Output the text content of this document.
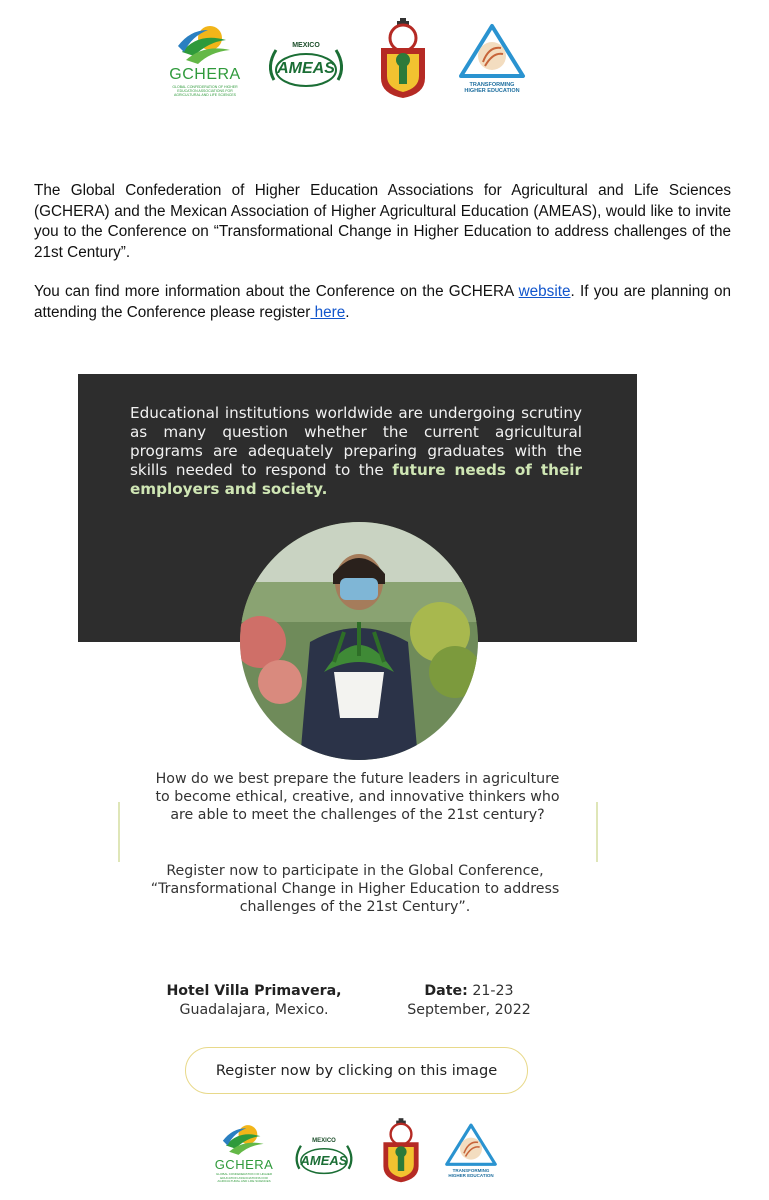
GCHERA
GLOBAL CONFEDERATION OF HIGHER EDUCATION ASSOCIATIONS FOR AGRICULTURAL AND LIFE SCIENCES
MEXICO
AMEAS
TRANSFORMING
HIGHER EDUCATION

The Global Confederation of Higher Education Associations for Agricultural and Life Sciences (GCHERA) and the Mexican Association of Higher Agricultural Education (AMEAS), would like to invite you to the Conference on “Transformational Change in Higher Education to address challenges of the 21st Century”.

You can find more information about the Conference on the GCHERA website. If you are planning on attending the Conference please register here.

Educational institutions worldwide are undergoing scrutiny as many question whether the current agricultural programs are adequately preparing graduates with the skills needed to respond to the future needs of their employers and society.

How do we best prepare the future leaders in agriculture to become ethical, creative, and innovative thinkers who are able to meet the challenges of the 21st century?

Register now to participate in the Global Conference, “Transformational Change in Higher Education to address challenges of the 21st Century”.

Hotel Villa Primavera,
Guadalajara, Mexico.
Date: 21-23
September, 2022
Register now by clicking on this image
GCHERA
GLOBAL CONFEDERATION OF HIGHER EDUCATION ASSOCIATIONS FOR AGRICULTURAL AND LIFE SCIENCES
MEXICO
AMEAS
TRANSFORMING
HIGHER EDUCATION
